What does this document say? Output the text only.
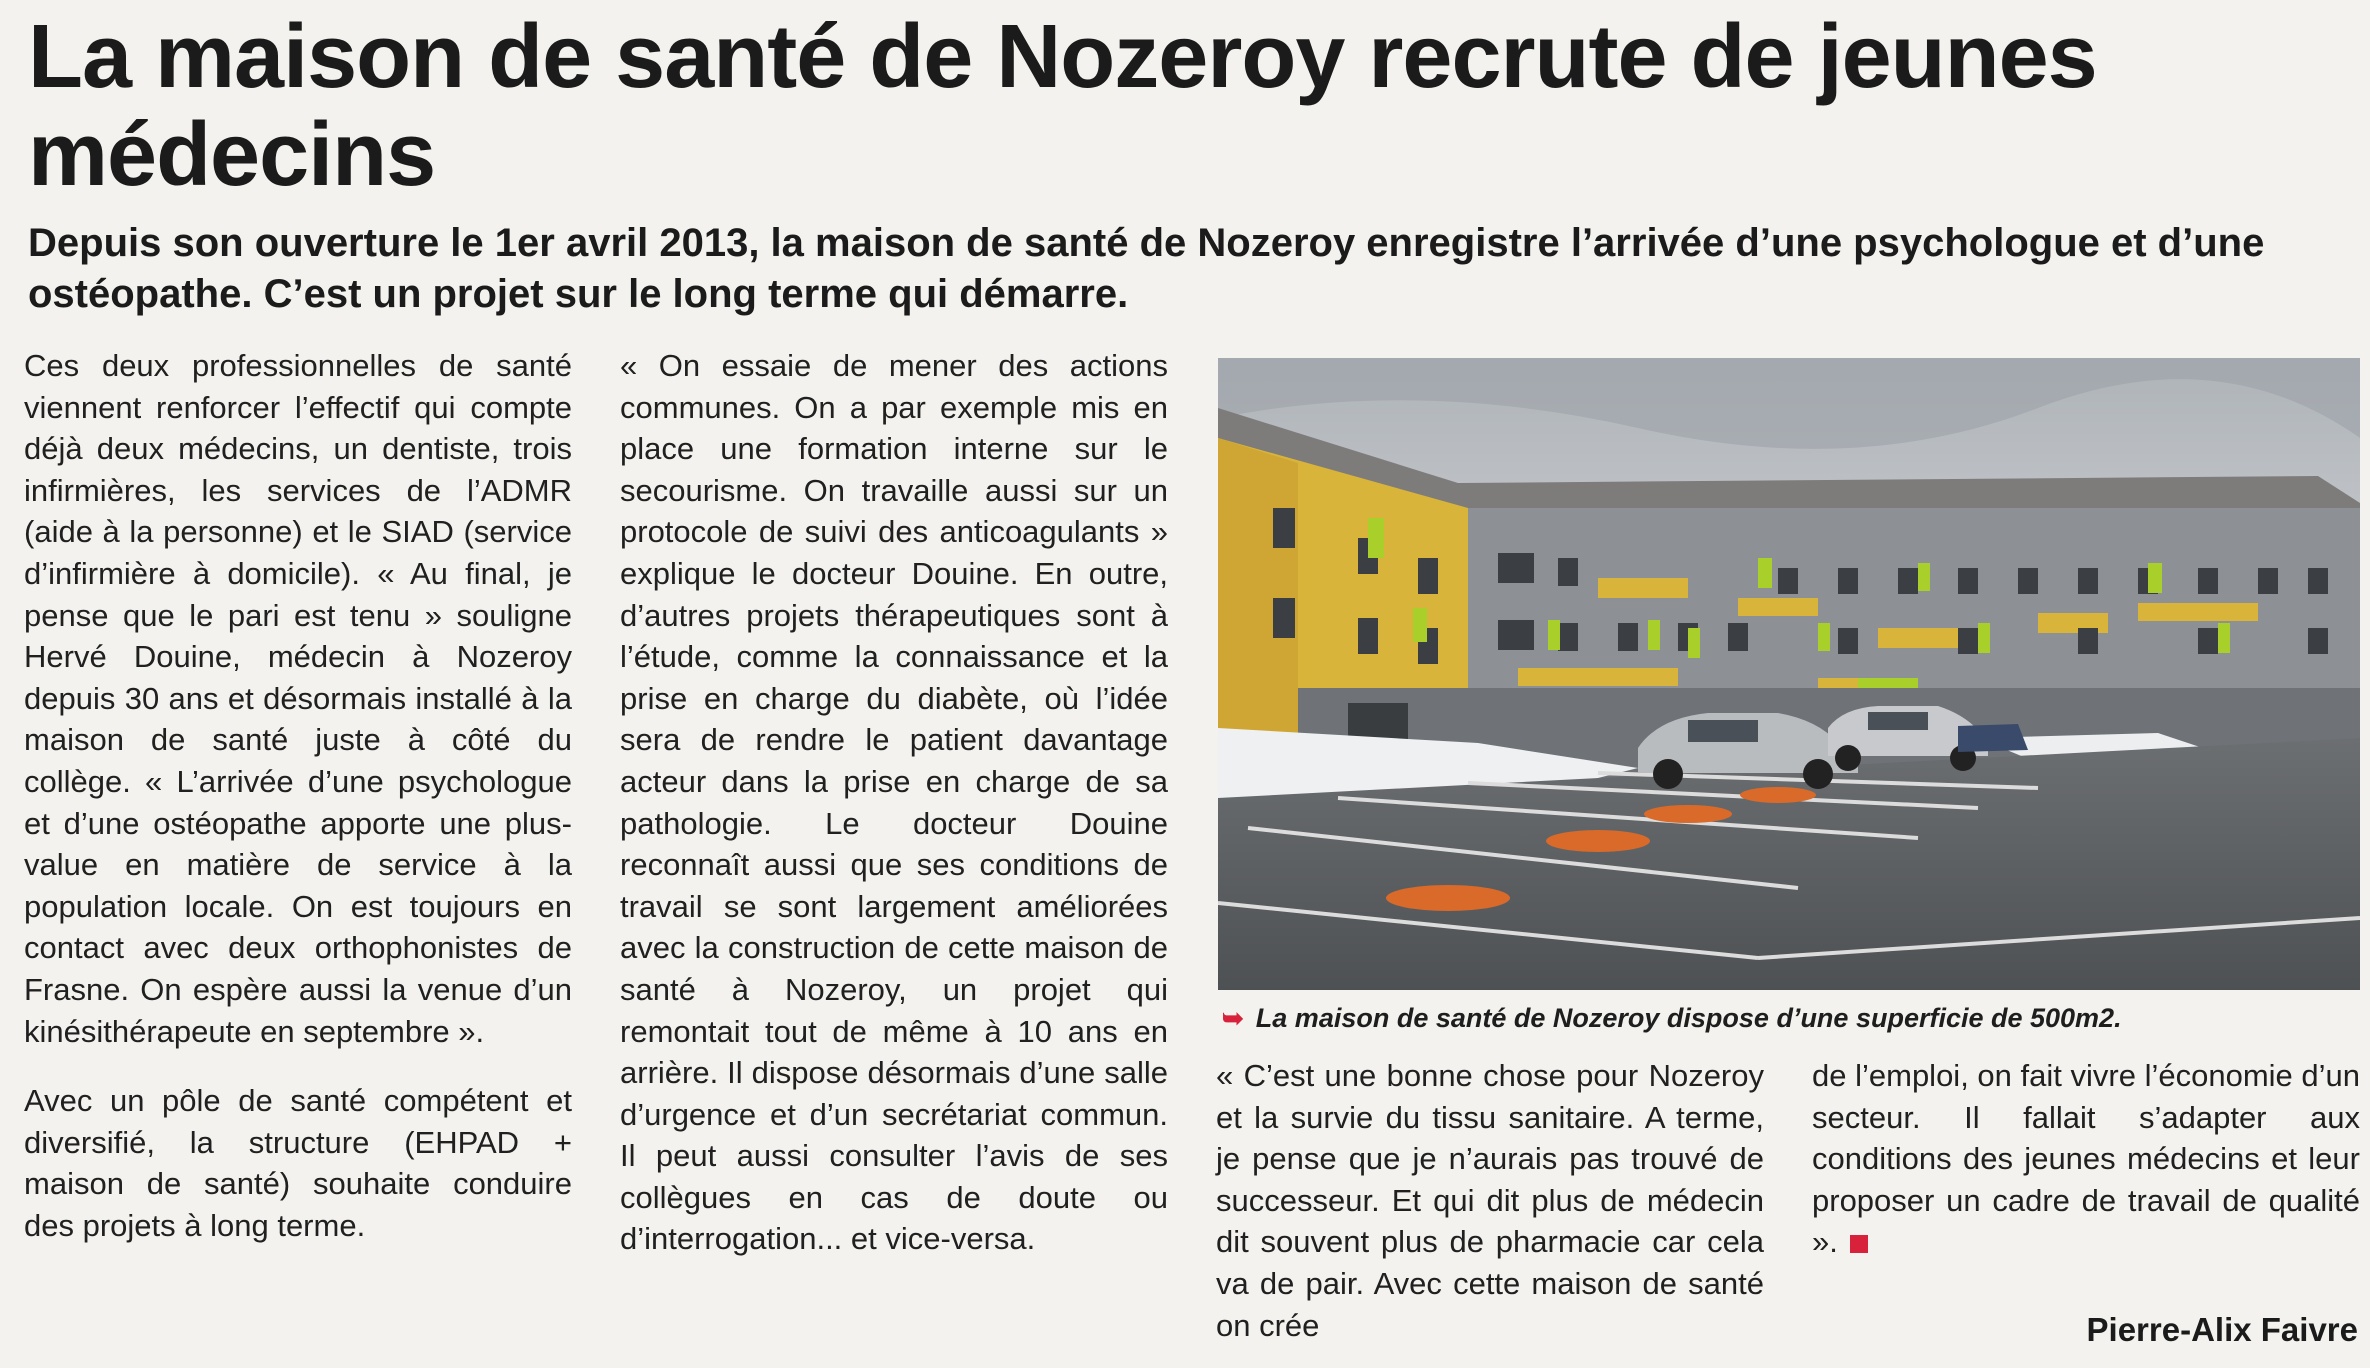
La maison de santé de Nozeroy recrute de jeunes médecins

Depuis son ouverture le 1er avril 2013, la maison de santé de Nozeroy enregistre l’arrivée d’une psychologue et d’une ostéopathe. C’est un projet sur le long terme qui démarre.

Ces deux professionnelles de santé viennent renforcer l’effectif qui compte déjà deux médecins, un dentiste, trois infirmières, les services de l’ADMR (aide à la personne) et le SIAD (service d’infirmière à domicile). « Au final, je pense que le pari est tenu » souligne Hervé Douine, médecin à Nozeroy depuis 30 ans et désormais installé à la maison de santé juste à côté du collège. « L’arrivée d’une psychologue et d’une ostéopathe apporte une plus-value en matière de service à la population locale. On est toujours en contact avec deux orthophonistes de Frasne. On espère aussi la venue d’un kinésithérapeute en septembre ».

Avec un pôle de santé compétent et diversifié, la structure (EHPAD + maison de santé) souhaite conduire des projets à long terme.

« On essaie de mener des actions communes. On a par exemple mis en place une formation interne sur le secourisme. On travaille aussi sur un protocole de suivi des anticoagulants » explique le docteur Douine. En outre, d’autres projets thérapeutiques sont à l’étude, comme la connaissance et la prise en charge du diabète, où l’idée sera de rendre le patient davantage acteur dans la prise en charge de sa pathologie. Le docteur Douine reconnaît aussi que ses conditions de travail se sont largement améliorées avec la construction de cette maison de santé à Nozeroy, un projet qui remontait tout de même à 10 ans en arrière. Il dispose désormais d’une salle d’urgence et d’un secrétariat commun. Il peut aussi consulter l’avis de ses collègues en cas de doute ou d’interrogation... et vice-versa.

➥ La maison de santé de Nozeroy dispose d’une superficie de 500m2.

« C’est une bonne chose pour Nozeroy et la survie du tissu sanitaire. A terme, je pense que je n’aurais pas trouvé de successeur. Et qui dit plus de médecin dit souvent plus de pharmacie car cela va de pair. Avec cette maison de santé on crée

de l’emploi, on fait vivre l’économie d’un secteur. Il fallait s’adapter aux conditions des jeunes médecins et leur proposer un cadre de travail de qualité ».

Pierre-Alix Faivre
